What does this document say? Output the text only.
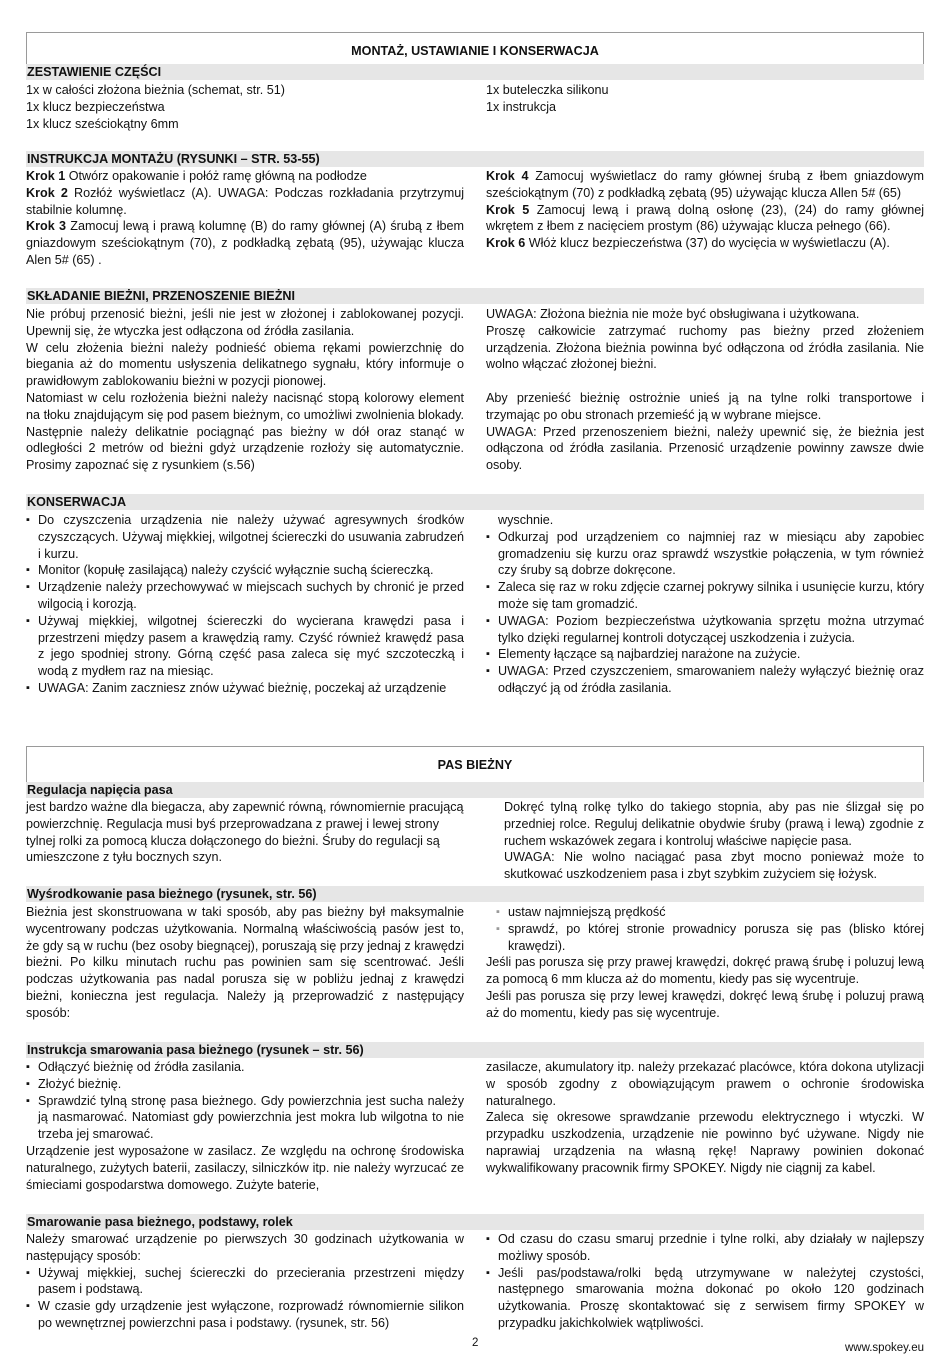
MONTAŻ, USTAWIANIE I KONSERWACJA
ZESTAWIENIE CZĘŚCI

1x w całości złożona bieżnia (schemat, str. 51)

1x klucz bezpieczeństwa

1x klucz sześciokątny 6mm

1x buteleczka silikonu

1x instrukcja

INSTRUKCJA MONTAŻU (RYSUNKI – STR. 53-55)

Krok 1 Otwórz opakowanie i połóż ramę główną na podłodze

Krok 2 Rozłóż wyświetlacz (A). UWAGA: Podczas rozkładania przytrzymuj stabilnie kolumnę.

Krok 3 Zamocuj lewą i prawą kolumnę (B) do ramy głównej (A) śrubą z łbem gniazdowym sześciokątnym (70), z podkładką zębatą (95), używając klucza Alen 5# (65) .

Krok 4 Zamocuj wyświetlacz do ramy głównej śrubą z łbem gniazdowym sześciokątnym (70) z podkładką zębatą (95) używając klucza Allen 5# (65)

Krok 5 Zamocuj lewą i prawą dolną osłonę (23), (24) do ramy głównej wkrętem z łbem z nacięciem prostym (86) używając klucza pełnego (66).

Krok 6 Włóż klucz bezpieczeństwa (37) do wycięcia w wyświetlaczu (A).

SKŁADANIE BIEŻNI, PRZENOSZENIE BIEŻNI

Nie próbuj przenosić bieżni, jeśli nie jest w złożonej i zablokowanej pozycji. Upewnij się, że wtyczka jest odłączona od źródła zasilania.

W celu złożenia bieżni należy podnieść obiema rękami powierzchnię do biegania aż do momentu usłyszenia delikatnego sygnału, który informuje o prawidłowym zablokowaniu bieżni w pozycji pionowej.

Natomiast w celu rozłożenia bieżni należy nacisnąć stopą kolorowy element na tłoku znajdującym się pod pasem bieżnym, co umożliwi zwolnienia blokady. Następnie należy delikatnie pociągnąć pas bieżny w dół oraz stanąć w odległości 2 metrów od bieżni gdyż urządzenie rozłoży się automatycznie. Prosimy zapoznać się z rysunkiem (s.56)

UWAGA: Złożona bieżnia nie może być obsługiwana i użytkowana.

Proszę całkowicie zatrzymać ruchomy pas bieżny przed złożeniem urządzenia. Złożona bieżnia powinna być odłączona od źródła zasilania. Nie wolno włączać złożonej bieżni.

Aby przenieść bieżnię ostrożnie unieś ją na tylne rolki transportowe i trzymając po obu stronach przemieść ją w wybrane miejsce.

UWAGA: Przed przenoszeniem bieżni, należy upewnić się, że bieżnia jest odłączona od źródła zasilania. Przenosić urządzenie powinny zawsze dwie osoby.

KONSERWACJA
▪ Do czyszczenia urządzenia nie należy używać agresywnych środków czyszczących. Używaj miękkiej, wilgotnej ściereczki do usuwania zabrudzeń i kurzu.
▪ Monitor (kopułę zasilającą) należy czyścić wyłącznie suchą ściereczką.
▪ Urządzenie należy przechowywać w miejscach suchych by chronić je przed wilgocią i korozją.
▪ Używaj miękkiej, wilgotnej ściereczki do wycierana krawędzi pasa i przestrzeni między pasem a krawędzią ramy. Czyść również krawędź pasa z jego spodniej strony. Górną część pasa zaleca się myć szczoteczką i wodą z mydłem raz na miesiąc.
▪ UWAGA: Zanim zaczniesz znów używać bieżnię, poczekaj aż urządzenie

wyschnie.

▪ Odkurzaj pod urządzeniem co najmniej raz w miesiącu aby zapobiec gromadzeniu się kurzu oraz sprawdź wszystkie połączenia, w tym również czy śruby są dobrze dokręcone.
▪ Zaleca się raz w roku zdjęcie czarnej pokrywy silnika i usunięcie kurzu, który może się tam gromadzić.
▪ UWAGA: Poziom bezpieczeństwa użytkowania sprzętu można utrzymać tylko dzięki regularnej kontroli dotyczącej uszkodzenia i zużycia.
▪ Elementy łączące są najbardziej narażone na zużycie.
▪ UWAGA: Przed czyszczeniem, smarowaniem należy wyłączyć bieżnię oraz odłączyć ją od źródła zasilania.
PAS BIEŻNY
Regulacja napięcia pasa

jest bardzo ważne dla biegacza, aby zapewnić równą, równomiernie pracującą powierzchnię. Regulacja musi byś przeprowadzana z prawej i lewej strony tylnej rolki za pomocą klucza dołączonego do bieżni. Śruby do regulacji są umieszczone z tyłu bocznych szyn.

Dokręć tylną rolkę tylko do takiego stopnia, aby pas nie ślizgał się po przedniej rolce. Reguluj delikatnie obydwie śruby (prawą i lewą) zgodnie z ruchem wskazówek zegara i kontroluj właściwe napięcie pasa.

UWAGA: Nie wolno naciągać pasa zbyt mocno ponieważ może to skutkować uszkodzeniem pasa i zbyt szybkim zużyciem się łożysk.

Wyśrodkowanie pasa bieżnego (rysunek, str. 56)

Bieżnia jest skonstruowana w taki sposób, aby pas bieżny był maksymalnie wycentrowany podczas użytkowania. Normalną właściwością pasów jest to, że gdy są w ruchu (bez osoby biegnącej), poruszają się przy jednaj z krawędzi bieżni. Po kilku minutach ruchu pas powinien sam się scentrować. Jeśli podczas użytkowania pas nadal porusza się w pobliżu jednaj z krawędzi bieżni, konieczna jest regulacja. Należy ją przeprowadzić z następujący sposób:

▪ ustaw najmniejszą prędkość
▪ sprawdź, po której stronie prowadnicy porusza się pas (blisko której krawędzi).

Jeśli pas porusza się przy prawej krawędzi, dokręć prawą śrubę i poluzuj lewą za pomocą 6 mm klucza aż do momentu, kiedy pas się wycentruje.

Jeśli pas porusza się przy lewej krawędzi, dokręć lewą śrubę i poluzuj prawą aż do momentu, kiedy pas się wycentruje.

Instrukcja smarowania pasa bieżnego (rysunek – str. 56)
▪ Odłączyć bieżnię od źródła zasilania.
▪ Złożyć bieżnię.
▪ Sprawdzić tylną stronę pasa bieżnego. Gdy powierzchnia jest sucha należy ją nasmarować. Natomiast gdy powierzchnia jest mokra lub wilgotna to nie trzeba jej smarować.

Urządzenie jest wyposażone w zasilacz. Ze względu na ochronę środowiska naturalnego, zużytych baterii, zasilaczy, silniczków itp. nie należy wyrzucać ze śmieciami gospodarstwa domowego. Zużyte baterie,

zasilacze, akumulatory itp. należy przekazać placówce, która dokona utylizacji w sposób zgodny z obowiązującym prawem o ochronie środowiska naturalnego.

Zaleca się okresowe sprawdzanie przewodu elektrycznego i wtyczki. W przypadku uszkodzenia, urządzenie nie powinno być używane. Nigdy nie naprawiaj urządzenia na własną rękę! Naprawy powinien dokonać wykwalifikowany pracownik firmy SPOKEY. Nigdy nie ciągnij za kabel.

Smarowanie pasa bieżnego, podstawy, rolek

Należy smarować urządzenie po pierwszych 30 godzinach użytkowania w następujący sposób:

▪ Używaj miękkiej, suchej ściereczki do przecierania przestrzeni między pasem i podstawą.
▪ W czasie gdy urządzenie jest wyłączone, rozprowadź równomiernie silikon po wewnętrznej powierzchni pasa i podstawy. (rysunek, str. 56)
▪ Od czasu do czasu smaruj przednie i tylne rolki, aby działały w najlepszy możliwy sposób.
▪ Jeśli pas/podstawa/rolki będą utrzymywane w należytej czystości, następnego smarowania można dokonać po około 120 godzinach użytkowania. Proszę skontaktować się z serwisem firmy SPOKEY w przypadku jakichkolwiek wątpliwości.
2	www.spokey.eu
